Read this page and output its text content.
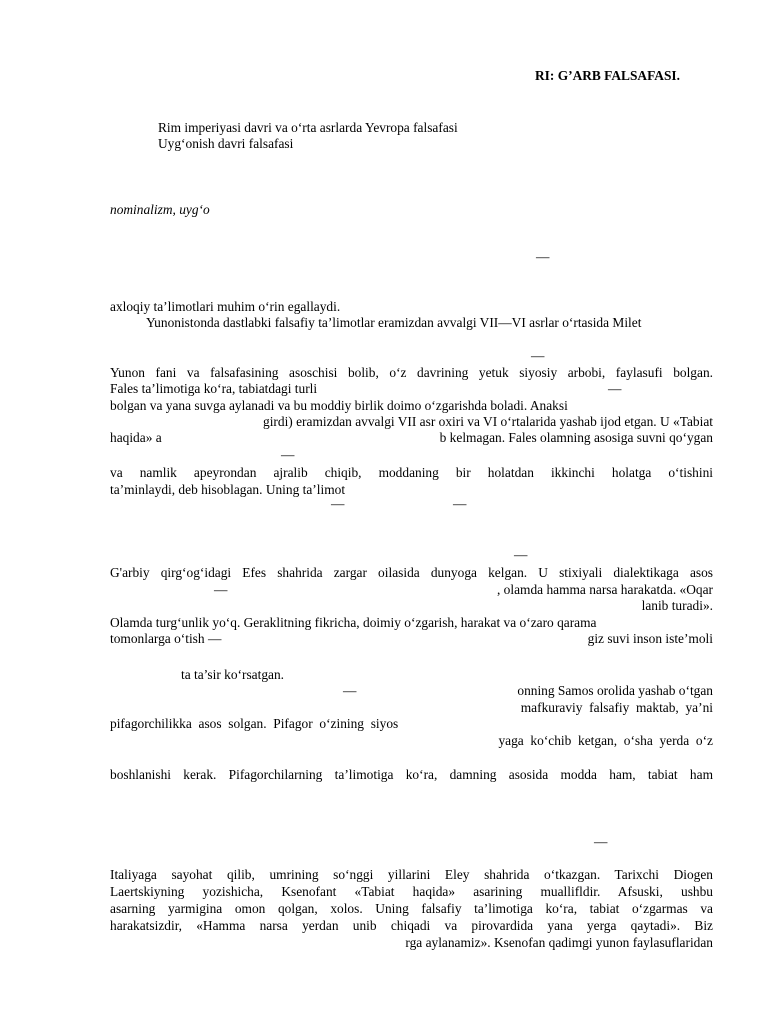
RI: G’ARB FALSAFASI.
Rim imperiyasi davri va o‘rta asrlarda Yevropa falsafasi
Uyg‘onish davri falsafasi
nominalizm, uyg‘o
—
axloqiy ta’limotlari muhim o‘rin egallaydi.
Yunonistonda dastlabki falsafiy ta’limotlar eramizdan avvalgi VII—VI asrlar o‘rtasida Milet
—
Yunon fani va falsafasining asoschisi bolib, o‘z davrining yetuk siyosiy arbobi, faylasufi bolgan.
Fales ta’limotiga ko‘ra, tabiatdagi turli	—
bolgan va yana suvga aylanadi va bu moddiy birlik doimo o‘zgarishda boladi. Anaksi
girdi) eramizdan avvalgi VII asr oxiri va VI o‘rtalarida yashab ijod etgan. U «Tabiat
haqida» a	b kelmagan. Fales olamning asosiga suvni qo‘ygan
—
va namlik apeyrondan ajralib chiqib, moddaning bir holatdan ikkinchi holatga o‘tishini
ta’minlaydi, deb hisoblagan. Uning ta’limot
—	—
—
G'arbiy qirg‘og‘idagi Efes shahrida zargar oilasida dunyoga kelgan. U stixiyali dialektikaga asos
—	, olamda hamma narsa harakatda. «Oqar
lanib turadi».
Olamda turg‘unlik yo‘q. Geraklitning fikricha, doimiy o‘zgarish, harakat va o‘zaro qarama
tomonlarga o‘tish —	giz suvi inson iste’moli
ta ta’sir ko‘rsatgan.
—	onning Samos orolida yashab o‘tgan
mafkuraviy  falsafiy  maktab,  ya’ni
pifagorchilikka  asos  solgan.  Pifagor  o‘zining  siyos
yaga  ko‘chib  ketgan,  o‘sha  yerda  o‘z
boshlanishi kerak. Pifagorchilarning ta’limotiga ko‘ra, damning asosida modda ham, tabiat ham
—
Italiyaga sayohat qilib, umrining so‘nggi yillarini Eley shahrida o‘tkazgan. Tarixchi Diogen
Laertskiyning yozishicha, Ksenofant «Tabiat haqida» asarining muallifldir. Afsuski, ushbu
asarning yarmigina omon qolgan, xolos. Uning falsafiy ta’limotiga ko‘ra, tabiat o‘zgarmas va
harakatsizdir, «Hamma narsa yerdan unib chiqadi va pirovardida yana yerga qaytadi». Biz
rga aylanamiz». Ksenofan qadimgi yunon faylasuflaridan
